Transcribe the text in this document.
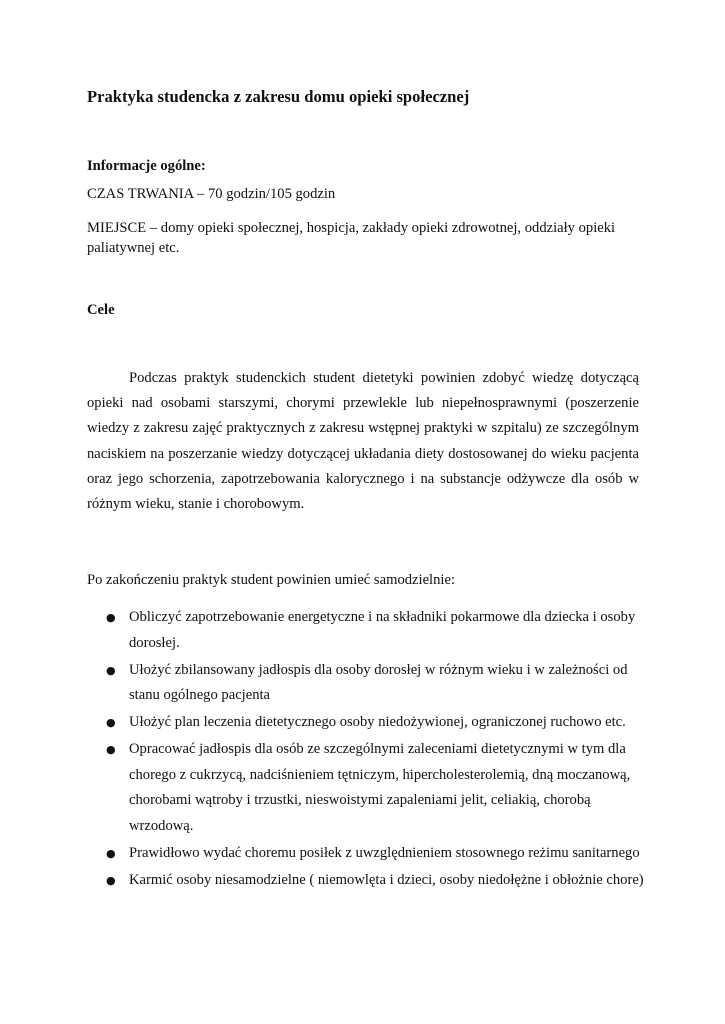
Praktyka studencka z zakresu domu opieki społecznej

Informacje ogólne:

CZAS TRWANIA – 70 godzin/105 godzin

MIEJSCE – domy opieki społecznej, hospicja, zakłady opieki zdrowotnej, oddziały opieki

paliatywnej etc.

Cele

Podczas praktyk studenckich student dietetyki powinien zdobyć wiedzę dotyczącą opieki nad osobami starszymi, chorymi przewlekle lub niepełnosprawnymi (poszerzenie wiedzy z zakresu zajęć praktycznych z zakresu wstępnej praktyki w szpitalu) ze szczególnym naciskiem na poszerzanie wiedzy dotyczącej układania diety dostosowanej do wieku pacjenta oraz jego schorzenia, zapotrzebowania kalorycznego i na substancje odżywcze dla osób w różnym wieku, stanie i chorobowym.

Po zakończeniu praktyk student powinien umieć samodzielnie:

● Obliczyć zapotrzebowanie energetyczne i na składniki pokarmowe dla dziecka i osoby dorosłej.
● Ułożyć zbilansowany jadłospis dla osoby dorosłej w różnym wieku i w zależności od stanu ogólnego pacjenta
● Ułożyć plan leczenia dietetycznego osoby niedożywionej, ograniczonej ruchowo etc.
● Opracować jadłospis dla osób ze szczególnymi zaleceniami dietetycznymi w tym dla chorego z cukrzycą, nadciśnieniem tętniczym, hipercholesterolemią, dną moczanową, chorobami wątroby i trzustki, nieswoistymi zapaleniami jelit, celiakią, chorobą wrzodową.
● Prawidłowo wydać choremu posiłek z uwzględnieniem stosownego reżimu sanitarnego
● Karmić osoby niesamodzielne ( niemowlęta i dzieci, osoby niedołężne i obłożnie chore)
